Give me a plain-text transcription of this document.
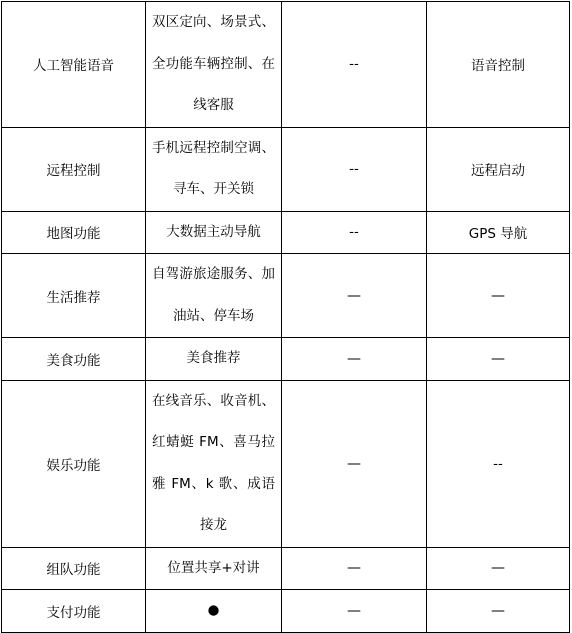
人工智能语音	双区定向、场景式、全功能车辆控制、在线客服	--	语音控制

远程控制	手机远程控制空调、寻车、开关锁	--	远程启动

地图功能	大数据主动导航	--	GPS 导航

生活推荐	自驾游旅途服务、加油站、停车场	—	—

美食功能	美食推荐	—	—

娱乐功能	在线音乐、收音机、红蜻蜓 FM、喜马拉雅 FM、k 歌、成语接龙	—	--

组队功能	位置共享+对讲	—	—

支付功能	●	—	—
